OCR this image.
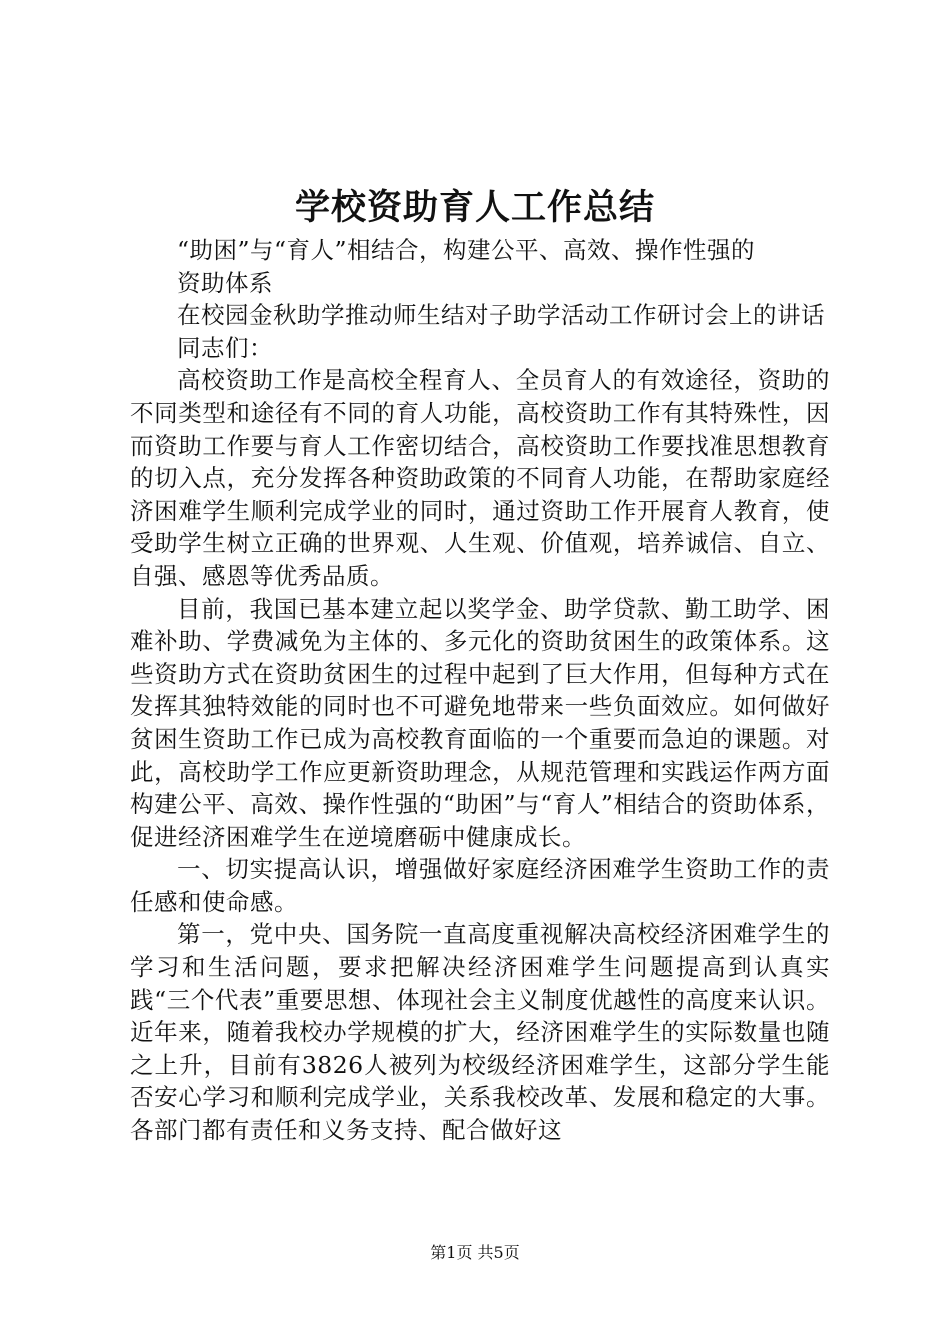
学校资助育人工作总结

“助困”与“育人”相结合，构建公平、高效、操作性强的

资助体系

在校园金秋助学推动师生结对子助学活动工作研讨会上的讲话

同志们：

高校资助工作是高校全程育人、全员育人的有效途径，资助的不同类型和途径有不同的育人功能，高校资助工作有其特殊性，因而资助工作要与育人工作密切结合，高校资助工作要找准思想教育的切入点，充分发挥各种资助政策的不同育人功能，在帮助家庭经济困难学生顺利完成学业的同时，通过资助工作开展育人教育，使受助学生树立正确的世界观、人生观、价值观，培养诚信、自立、自强、感恩等优秀品质。

目前，我国已基本建立起以奖学金、助学贷款、勤工助学、困难补助、学费减免为主体的、多元化的资助贫困生的政策体系。这些资助方式在资助贫困生的过程中起到了巨大作用，但每种方式在发挥其独特效能的同时也不可避免地带来一些负面效应。如何做好贫困生资助工作已成为高校教育面临的一个重要而急迫的课题。对此，高校助学工作应更新资助理念，从规范管理和实践运作两方面构建公平、高效、操作性强的“助困”与“育人”相结合的资助体系，促进经济困难学生在逆境磨砺中健康成长。

一、切实提高认识，增强做好家庭经济困难学生资助工作的责任感和使命感。

第一，党中央、国务院一直高度重视解决高校经济困难学生的学习和生活问题，要求把解决经济困难学生问题提高到认真实践“三个代表”重要思想、体现社会主义制度优越性的高度来认识。近年来，随着我校办学规模的扩大，经济困难学生的实际数量也随之上升，目前有3826人被列为校级经济困难学生，这部分学生能否安心学习和顺利完成学业，关系我校改革、发展和稳定的大事。各部门都有责任和义务支持、配合做好这

第1页 共5页
